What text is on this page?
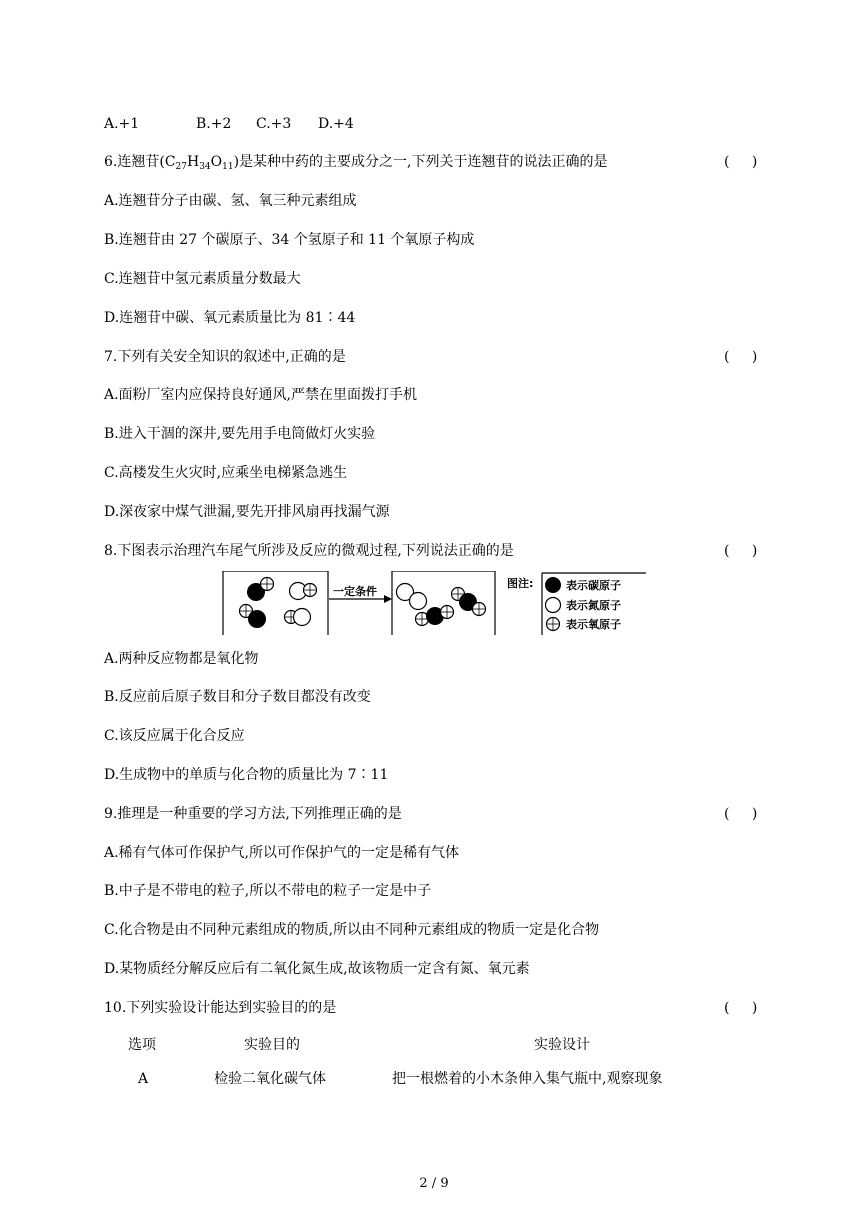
A.+1	B.+2 C.+3 D.+4
6.连翘苷$(C_{27}H_{34}O_{11})$是某种中药的主要成分之一,下列关于连翘苷的说法正确的是	( )
A.连翘苷分子由碳、氢、氧三种元素组成
B.连翘苷由 27 个碳原子、34 个氢原子和 11 个氧原子构成
C.连翘苷中氢元素质量分数最大
D.连翘苷中碳、氧元素质量比为 81∶44
7.下列有关安全知识的叙述中,正确的是	( )
A.面粉厂室内应保持良好通风,严禁在里面拨打手机
B.进入干涸的深井,要先用手电筒做灯火实验
C.高楼发生火灾时,应乘坐电梯紧急逃生
D.深夜家中煤气泄漏,要先开排风扇再找漏气源
8.下图表示治理汽车尾气所涉及反应的微观过程,下列说法正确的是	( )
一定条件
图注:	表示碳原子
表示氮原子
表示氧原子
A.两种反应物都是氧化物
B.反应前后原子数目和分子数目都没有改变
C.该反应属于化合反应
D.生成物中的单质与化合物的质量比为 7∶11
9.推理是一种重要的学习方法,下列推理正确的是	( )
A.稀有气体可作保护气,所以可作保护气的一定是稀有气体
B.中子是不带电的粒子,所以不带电的粒子一定是中子
C.化合物是由不同种元素组成的物质,所以由不同种元素组成的物质一定是化合物
D.某物质经分解反应后有二氧化氮生成,故该物质一定含有氮、氧元素
10.下列实验设计能达到实验目的的是	( )
选项	实验目的	实验设计
A	检验二氧化碳气体	把一根燃着的小木条伸入集气瓶中,观察现象
2 / 9
